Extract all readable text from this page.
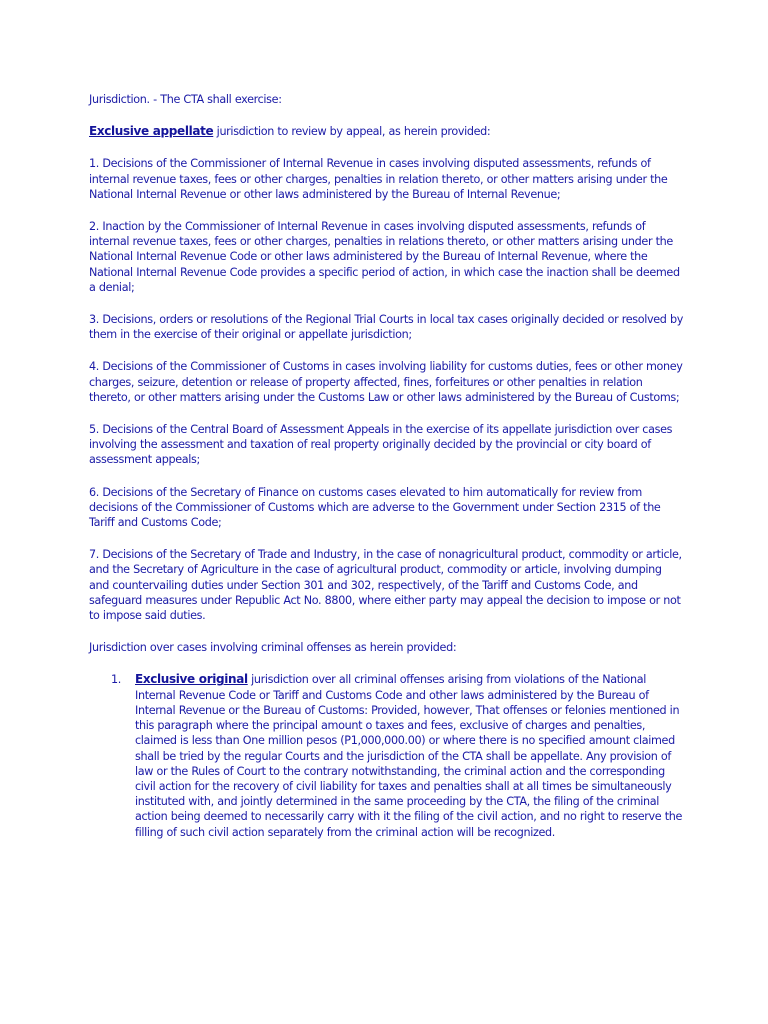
Jurisdiction. - The CTA shall exercise:

Exclusive appellate jurisdiction to review by appeal, as herein provided:

1. Decisions of the Commissioner of Internal Revenue in cases involving disputed assessments, refunds of internal revenue taxes, fees or other charges, penalties in relation thereto, or other matters arising under the National Internal Revenue or other laws administered by the Bureau of Internal Revenue;

2. Inaction by the Commissioner of Internal Revenue in cases involving disputed assessments, refunds of internal revenue taxes, fees or other charges, penalties in relations thereto, or other matters arising under the National Internal Revenue Code or other laws administered by the Bureau of Internal Revenue, where the National Internal Revenue Code provides a specific period of action, in which case the inaction shall be deemed a denial;

3. Decisions, orders or resolutions of the Regional Trial Courts in local tax cases originally decided or resolved by them in the exercise of their original or appellate jurisdiction;

4. Decisions of the Commissioner of Customs in cases involving liability for customs duties, fees or other money charges, seizure, detention or release of property affected, fines, forfeitures or other penalties in relation thereto, or other matters arising under the Customs Law or other laws administered by the Bureau of Customs;

5. Decisions of the Central Board of Assessment Appeals in the exercise of its appellate jurisdiction over cases involving the assessment and taxation of real property originally decided by the provincial or city board of assessment appeals;

6. Decisions of the Secretary of Finance on customs cases elevated to him automatically for review from decisions of the Commissioner of Customs which are adverse to the Government under Section 2315 of the Tariff and Customs Code;

7. Decisions of the Secretary of Trade and Industry, in the case of nonagricultural product, commodity or article, and the Secretary of Agriculture in the case of agricultural product, commodity or article, involving dumping and countervailing duties under Section 301 and 302, respectively, of the Tariff and Customs Code, and safeguard measures under Republic Act No. 8800, where either party may appeal the decision to impose or not to impose said duties.

Jurisdiction over cases involving criminal offenses as herein provided:

1. Exclusive original jurisdiction over all criminal offenses arising from violations of the National Internal Revenue Code or Tariff and Customs Code and other laws administered by the Bureau of Internal Revenue or the Bureau of Customs: Provided, however, That offenses or felonies mentioned in this paragraph where the principal amount o taxes and fees, exclusive of charges and penalties, claimed is less than One million pesos (P1,000,000.00) or where there is no specified amount claimed shall be tried by the regular Courts and the jurisdiction of the CTA shall be appellate. Any provision of law or the Rules of Court to the contrary notwithstanding, the criminal action and the corresponding civil action for the recovery of civil liability for taxes and penalties shall at all times be simultaneously instituted with, and jointly determined in the same proceeding by the CTA, the filing of the criminal action being deemed to necessarily carry with it the filing of the civil action, and no right to reserve the filling of such civil action separately from the criminal action will be recognized.
